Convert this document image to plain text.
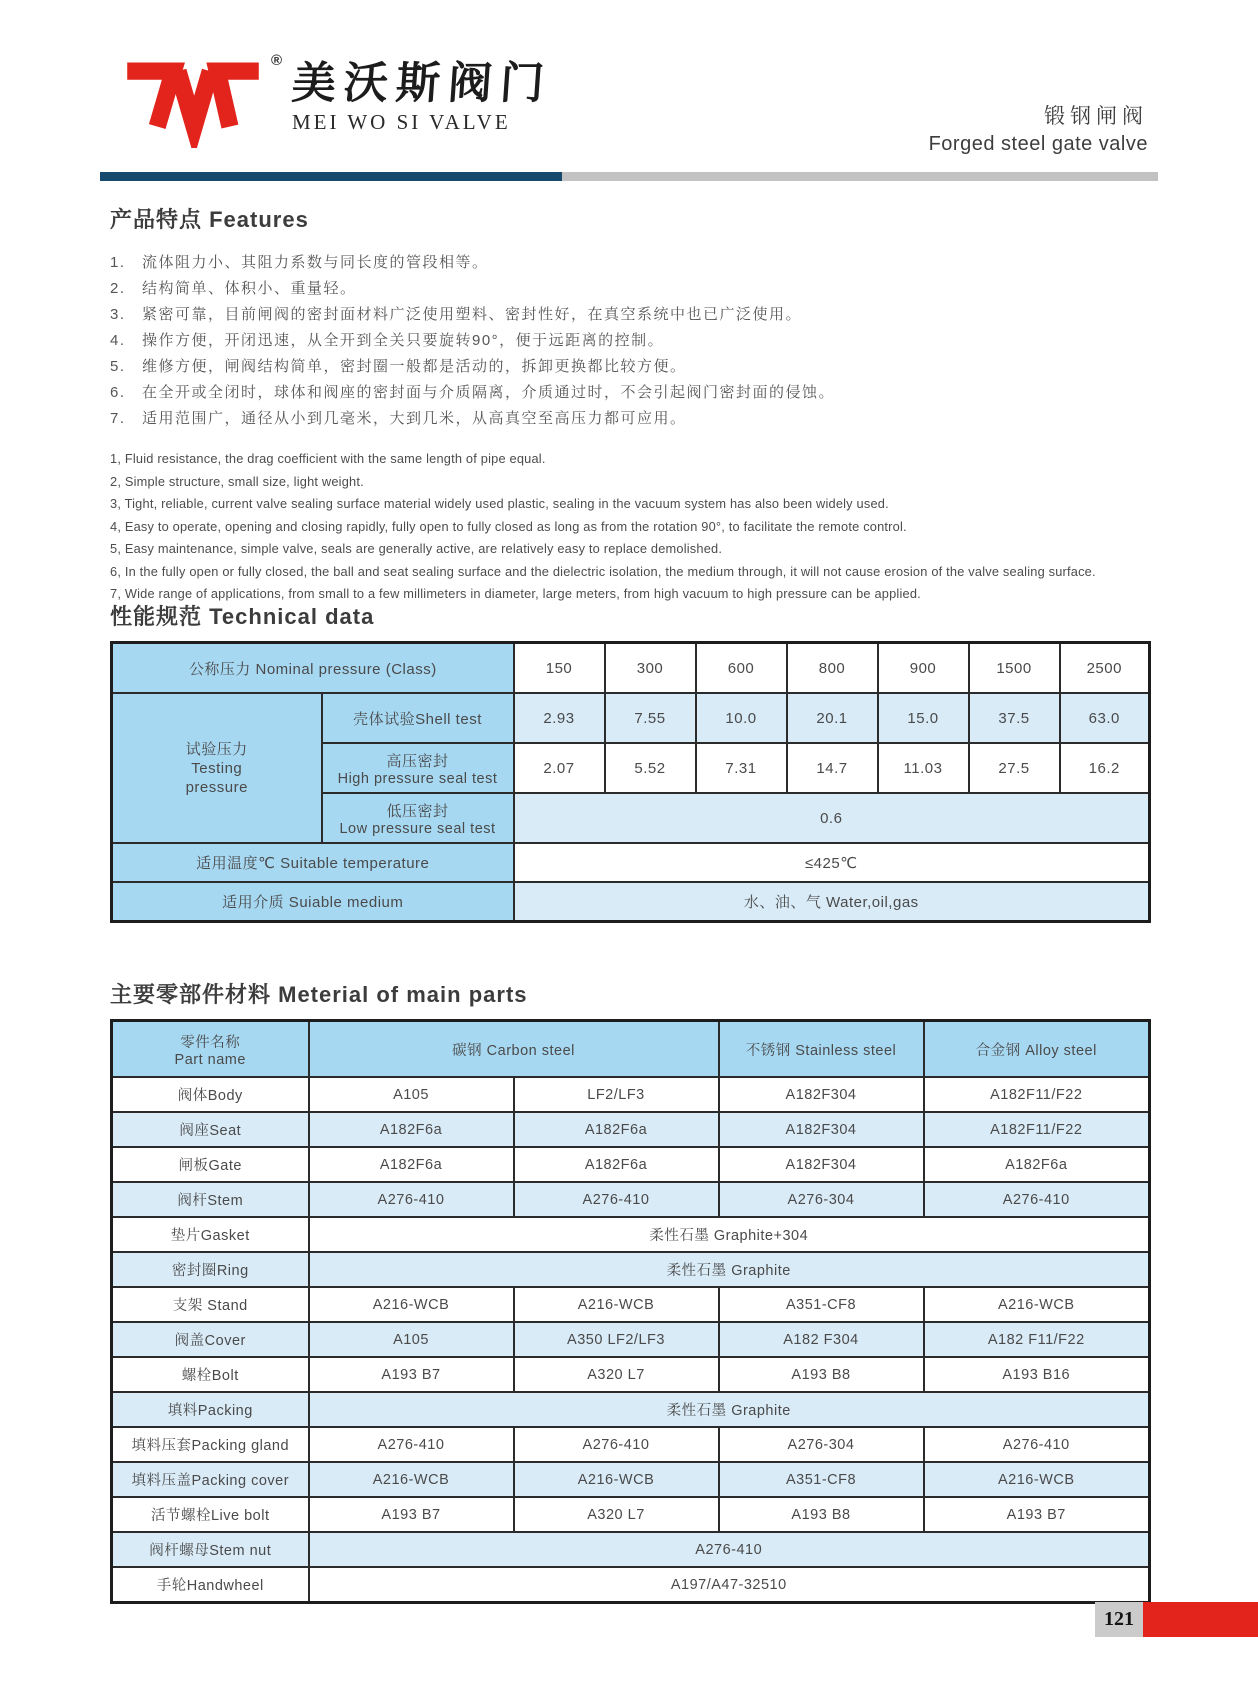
® 美沃斯阀门
MEI WO SI VALVE	锻钢闸阀
Forged steel gate valve
产品特点 Features
1.	流体阻力小、其阻力系数与同长度的管段相等。
2.	结构简单、体积小、重量轻。
3.	紧密可靠，目前闸阀的密封面材料广泛使用塑料、密封性好，在真空系统中也已广泛使用。
4.	操作方便，开闭迅速，从全开到全关只要旋转90°，便于远距离的控制。
5.	维修方便，闸阀结构简单，密封圈一般都是活动的，拆卸更换都比较方便。
6.	在全开或全闭时，球体和阀座的密封面与介质隔离，介质通过时，不会引起阀门密封面的侵蚀。
7.	适用范围广，通径从小到几毫米，大到几米，从高真空至高压力都可应用。
1, Fluid resistance, the drag coefficient with the same length of pipe equal.
2, Simple structure, small size, light weight.
3, Tight, reliable, current valve sealing surface material widely used plastic, sealing in the vacuum system has also been widely used.
4, Easy to operate, opening and closing rapidly, fully open to fully closed as long as from the rotation 90°, to facilitate the remote control.
5, Easy maintenance, simple valve, seals are generally active, are relatively easy to replace demolished.
6, In the fully open or fully closed, the ball and seat sealing surface and the dielectric isolation, the medium through, it will not cause erosion of the valve sealing surface.
7, Wide range of applications, from small to a few millimeters in diameter, large meters, from high vacuum to high pressure can be applied.
性能规范 Technical data
公称压力 Nominal pressure (Class)		150	300	600	800	900	1500	2500

试验压力
Testing pressure	壳体试验Shell test	2.93	7.55	10.0	20.1	15.0	37.5	63.0
	高压密封
High pressure seal test	2.07	5.52	7.31	14.7	11.03	27.5	16.2
	低压密封
Low pressure seal test	0.6						
适用温度℃ Suitable temperature		≤425℃						
适用介质 Suiable medium		水、油、气 Water,oil,gas						
主要零部件材料 Meterial of main parts
零件名称
Part name	碳钢 Carbon steel		不锈钢 Stainless steel	合金钢 Alloy steel
阀体Body	A105	LF2/LF3	A182F304	A182F11/F22
阀座Seat	A182F6a	A182F6a	A182F304	A182F11/F22
闸板Gate	A182F6a	A182F6a	A182F304	A182F6a
阀杆Stem	A276-410	A276-410	A276-304	A276-410
垫片Gasket	柔性石墨 Graphite+304			
密封圈Ring	柔性石墨 Graphite			
支架 Stand	A216-WCB	A216-WCB	A351-CF8	A216-WCB
阀盖Cover	A105	A350 LF2/LF3	A182 F304	A182 F11/F22
螺栓Bolt	A193 B7	A320 L7	A193 B8	A193 B16
填料Packing	柔性石墨 Graphite			
填料压套Packing gland	A276-410	A276-410	A276-304	A276-410
填料压盖Packing cover	A216-WCB	A216-WCB	A351-CF8	A216-WCB
活节螺栓Live bolt	A193 B7	A320 L7	A193 B8	A193 B7
阀杆螺母Stem nut	A276-410			
手轮Handwheel	A197/A47-32510			
121
